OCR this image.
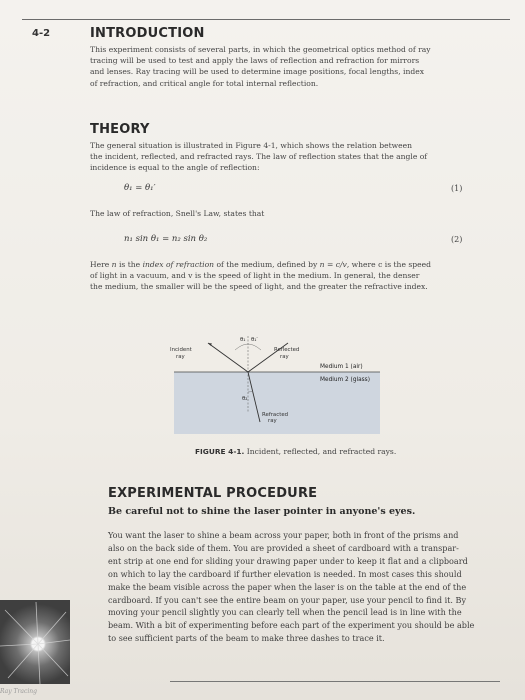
4-2	INTRODUCTION
This experiment consists of several parts, in which the geometrical optics method of ray
tracing will be used to test and apply the laws of reflection and refraction for mirrors
and lenses. Ray tracing will be used to determine image positions, focal lengths, index
of refraction, and critical angle for total internal reflection.
THEORY
The general situation is illustrated in Figure 4-1, which shows the relation between
the incident, reflected, and refracted rays. The law of reflection states that the angle of
incidence is equal to the angle of reflection:
θ₁ = θ₁′	(1)
The law of refraction, Snell's Law, states that
n₁ sin θ₁ = n₂ sin θ₂	(2)
Here n is the index of refraction of the medium, defined by n = c/v, where c is the speed
of light in a vacuum, and v is the speed of light in the medium. In general, the denser
the medium, the smaller will be the speed of light, and the greater the refractive index.
θ₁ θ₁′
θ₂
Incident
ray
Reflected
ray
Refracted
ray
Medium 1 (air)
Medium 2 (glass)
FIGURE 4-1. Incident, reflected, and refracted rays.
EXPERIMENTAL PROCEDURE
Be careful not to shine the laser pointer in anyone's eyes.
You want the laser to shine a beam across your paper, both in front of the prisms and
also on the back side of them. You are provided a sheet of cardboard with a transpar-
ent strip at one end for sliding your drawing paper under to keep it flat and a clipboard
on which to lay the cardboard if further elevation is needed. In most cases this should
make the beam visible across the paper when the laser is on the table at the end of the
cardboard. If you can't see the entire beam on your paper, use your pencil to find it. By
moving your pencil slightly you can clearly tell when the pencil lead is in line with the
beam. With a bit of experimenting before each part of the experiment you should be able
to see sufficient parts of the beam to make three dashes to trace it.
Ray Tracing
